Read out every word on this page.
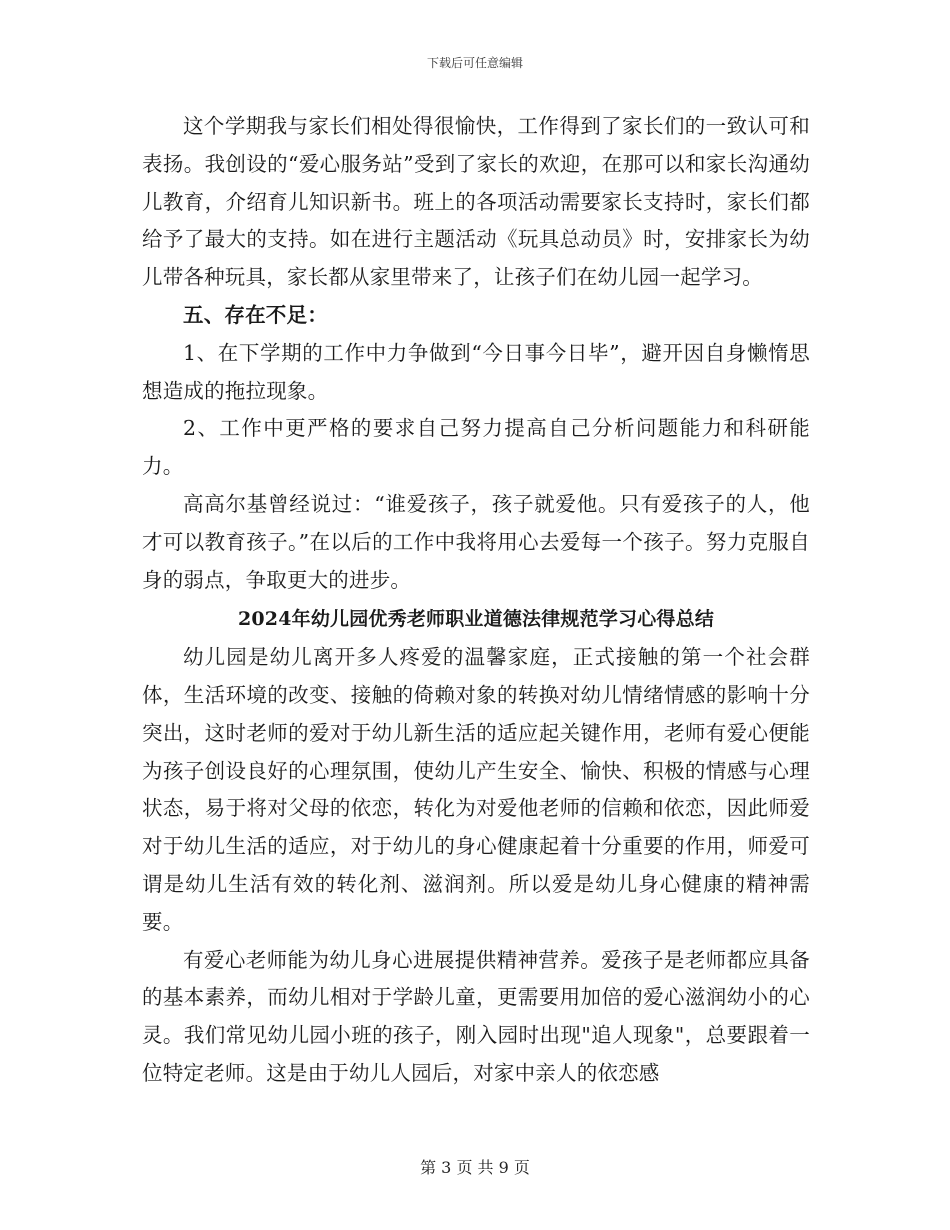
下载后可任意编辑

这个学期我与家长们相处得很愉快，工作得到了家长们的一致认可和表扬。我创设的“爱心服务站”受到了家长的欢迎，在那可以和家长沟通幼儿教育，介绍育儿知识新书。班上的各项活动需要家长支持时，家长们都给予了最大的支持。如在进行主题活动《玩具总动员》时，安排家长为幼儿带各种玩具，家长都从家里带来了，让孩子们在幼儿园一起学习。

五、存在不足：

1、在下学期的工作中力争做到“今日事今日毕”，避开因自身懒惰思想造成的拖拉现象。

2、工作中更严格的要求自己努力提高自己分析问题能力和科研能力。

高高尔基曾经说过：“谁爱孩子，孩子就爱他。只有爱孩子的人，他才可以教育孩子。”在以后的工作中我将用心去爱每一个孩子。努力克服自身的弱点，争取更大的进步。

2024年幼儿园优秀老师职业道德法律规范学习心得总结

幼儿园是幼儿离开多人疼爱的温馨家庭，正式接触的第一个社会群体，生活环境的改变、接触的倚赖对象的转换对幼儿情绪情感的影响十分突出，这时老师的爱对于幼儿新生活的适应起关键作用，老师有爱心便能为孩子创设良好的心理氛围，使幼儿产生安全、愉快、积极的情感与心理状态，易于将对父母的依恋，转化为对爱他老师的信赖和依恋，因此师爱对于幼儿生活的适应，对于幼儿的身心健康起着十分重要的作用，师爱可谓是幼儿生活有效的转化剂、滋润剂。所以爱是幼儿身心健康的精神需要。

有爱心老师能为幼儿身心进展提供精神营养。爱孩子是老师都应具备的基本素养，而幼儿相对于学龄儿童，更需要用加倍的爱心滋润幼小的心灵。我们常见幼儿园小班的孩子，刚入园时出现"追人现象"，总要跟着一位特定老师。这是由于幼儿人园后，对家中亲人的依恋感

第 3 页 共 9 页
